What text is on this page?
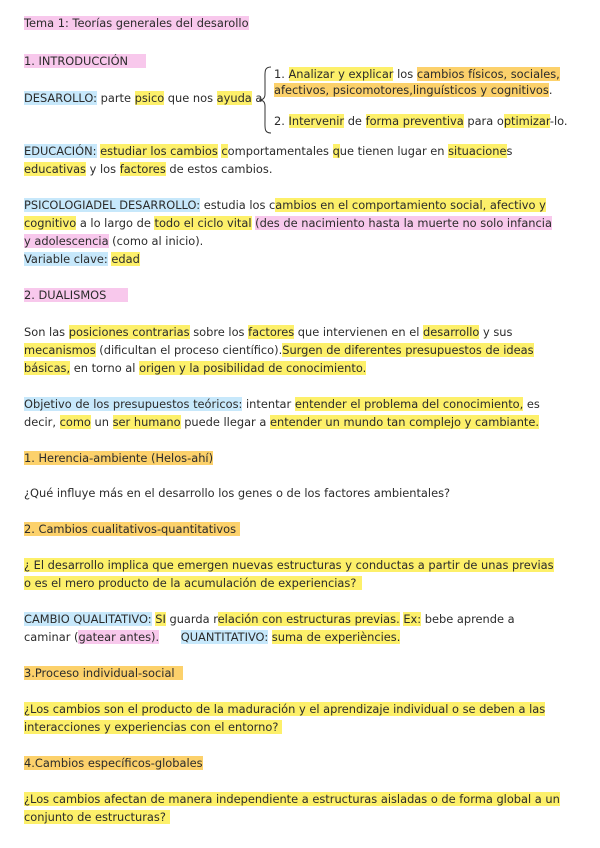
Tema 1: Teorías generales del desarollo
1. INTRODUCCIÓN
DESAROLLO: parte psico que nos ayuda a
1. Analizar y explicar los cambios físicos, sociales,
afectivos, psicomotores,linguísticos y cognitivos.
2. Intervenir de forma preventiva para optimizar-lo.
EDUCACIÓN: estudiar los cambios comportamentales que tienen lugar en situaciones
educativas y los factores de estos cambios.
PSICOLOGIADEL DESARROLLO: estudia los cambios en el comportamiento social, afectivo y
cognitivo a lo largo de todo el ciclo vital (des de nacimiento hasta la muerte no solo infancia
y adolescencia (como al inicio).
Variable clave: edad
2. DUALISMOS
Son las posiciones contrarias sobre los factores que intervienen en el desarrollo y sus
mecanismos (dificultan el proceso científico).Surgen de diferentes presupuestos de ideas
básicas, en torno al origen y la posibilidad de conocimiento.
Objetivo de los presupuestos teóricos: intentar entender el problema del conocimiento, es
decir, como un ser humano puede llegar a entender un mundo tan complejo y cambiante.
1. Herencia-ambiente (Helos-ahí)
¿Qué influye más en el desarrollo los genes o de los factores ambientales?
2. Cambios cualitativos-quantitativos
¿ El desarrollo implica que emergen nuevas estructuras y conductas a partir de unas previas
o es el mero producto de la acumulación de experiencias?
CAMBIO QUALITATIVO: SI guarda relación con estructuras previas. Ex: bebe aprende a
caminar (gatear antes). QUANTITATIVO: suma de experiències.
3.Proceso individual-social
¿Los cambios son el producto de la maduración y el aprendizaje individual o se deben a las
interacciones y experiencias con el entorno?
4.Cambios específicos-globales
¿Los cambios afectan de manera independiente a estructuras aisladas o de forma global a un
conjunto de estructuras?
